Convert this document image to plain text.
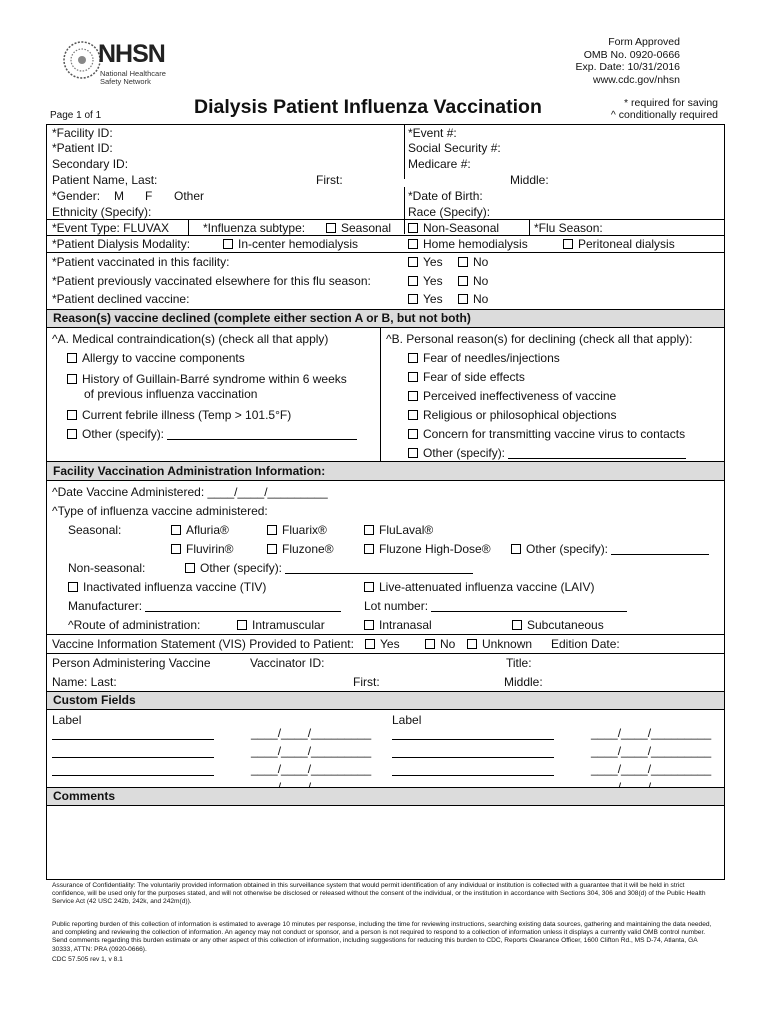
NHSN
National Healthcare
Safety Network
Form Approved
OMB No. 0920-0666
Exp. Date: 10/31/2016
www.cdc.gov/nhsn
Page 1 of 1	Dialysis Patient Influenza Vaccination	* required for saving
^ conditionally required
*Facility ID:	*Event #:
*Patient ID:	Social Security #:
Secondary ID:	Medicare #:
Patient Name, Last:	First:	Middle:
*Gender: M F Other	*Date of Birth:
Ethnicity (Specify):	Race (Specify):
*Event Type: FLUVAX	*Influenza subtype:	Seasonal	Non-Seasonal	*Flu Season:
*Patient Dialysis Modality:	In-center hemodialysis	Home hemodialysis	Peritoneal dialysis
*Patient vaccinated in this facility:	Yes	No
*Patient previously vaccinated elsewhere for this flu season:	Yes	No
*Patient declined vaccine:	Yes	No
Reason(s) vaccine declined (complete either section A or B, but not both)
^A. Medical contraindication(s) (check all that apply)
Allergy to vaccine components
History of Guillain-Barré syndrome within 6 weeks
of previous influenza vaccination
Current febrile illness (Temp > 101.5°F)
Other (specify):
^B. Personal reason(s) for declining (check all that apply):
Fear of needles/injections
Fear of side effects
Perceived ineffectiveness of vaccine
Religious or philosophical objections
Concern for transmitting vaccine virus to contacts
Other (specify):
Facility Vaccination Administration Information:
^Date Vaccine Administered: ____/____/_________
^Type of influenza vaccine administered:
Seasonal:	Afluria®	Fluarix®	FluLaval®
Fluvirin®	Fluzone®	Fluzone High-Dose®	Other (specify):
Non-seasonal:	Other (specify):
Inactivated influenza vaccine (TIV)	Live-attenuated influenza vaccine (LAIV)
Manufacturer:	Lot number:
^Route of administration:	Intramuscular	Intranasal	Subcutaneous
Vaccine Information Statement (VIS) Provided to Patient:	Yes	No	Unknown Edition Date:
Person Administering Vaccine	Vaccinator ID:	Title:
Name: Last:	First:	Middle:
Custom Fields
Label	Label
____/____/_________	____/____/_________
____/____/_________	____/____/_________
____/____/_________	____/____/_________
Comments
Assurance of Confidentiality: The voluntarily provided information obtained in this surveillance system that would permit identification of any individual or institution is collected with a guarantee that it will be held in strict confidence, will be used only for the purposes stated, and will not otherwise be disclosed or released without the consent of the individual, or the institution in accordance with Sections 304, 306 and 308(d) of the Public Health Service Act (42 USC 242b, 242k, and 242m(d)).
Public reporting burden of this collection of information is estimated to average 10 minutes per response, including the time for reviewing instructions, searching existing data sources, gathering and maintaining the data needed, and completing and reviewing the collection of information. An agency may not conduct or sponsor, and a person is not required to respond to a collection of information unless it displays a currently valid OMB control number. Send comments regarding this burden estimate or any other aspect of this collection of information, including suggestions for reducing this burden to CDC, Reports Clearance Officer, 1600 Clifton Rd., MS D-74, Atlanta, GA 30333, ATTN: PRA (0920-0666).
CDC 57.505 rev 1, v 8.1
